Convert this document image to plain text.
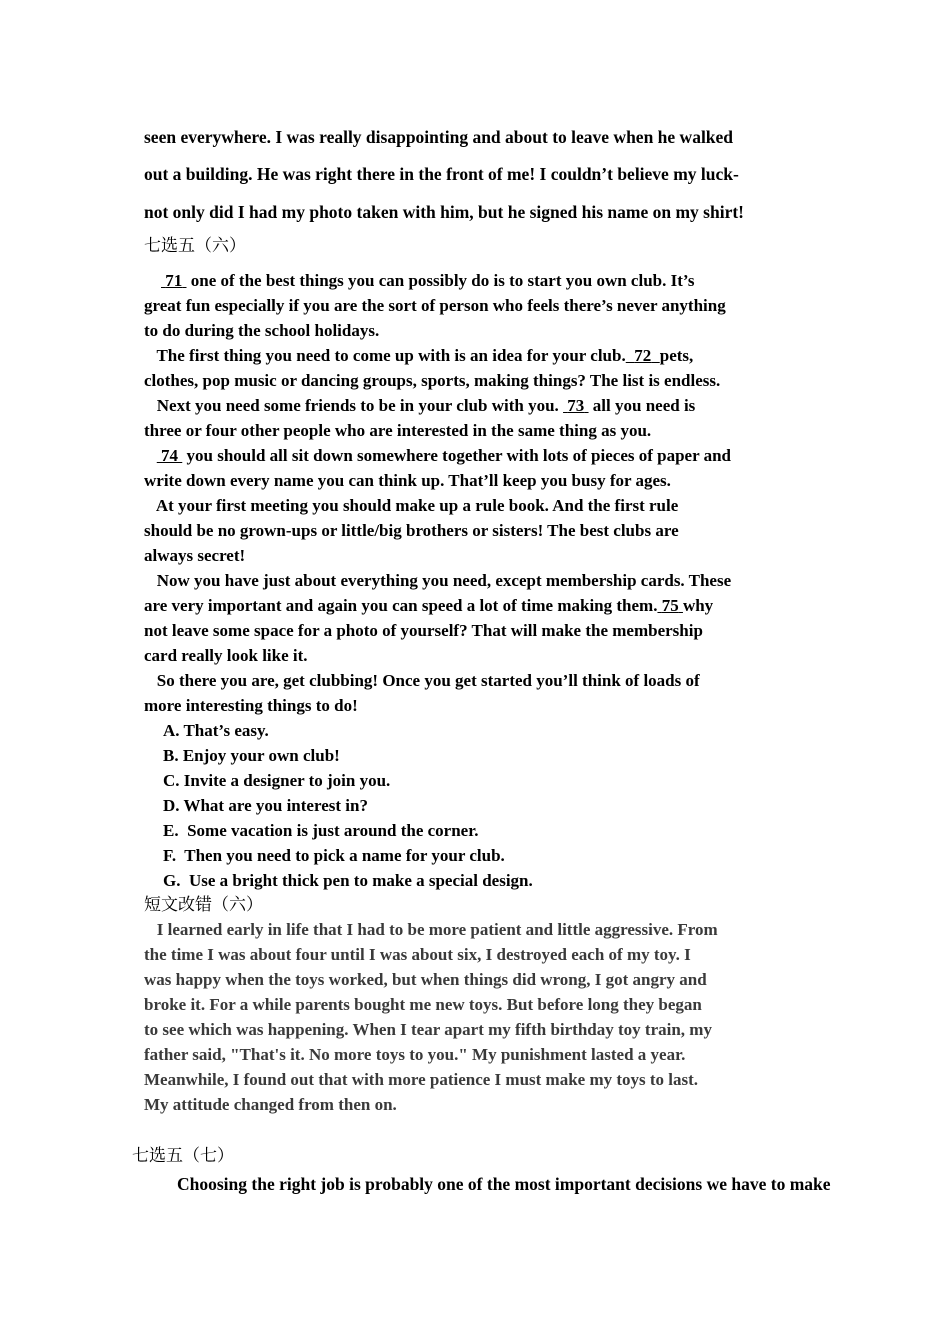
seen everywhere. I was really disappointing and about to leave when he walked
out a building. He was right there in the front of me! I couldn’t believe my luck-
not only did I had my photo taken with him, but he signed his name on my shirt!
七选五（六）
71  one of the best things you can possibly do is to start you own club. It’s
great fun especially if you are the sort of person who feels there’s never anything
to do during the school holidays.
The first thing you need to come up with is an idea for your club. 72 pets,
clothes, pop music or dancing groups, sports, making things? The list is endless.
Next you need some friends to be in your club with you.  73  all you need is
three or four other people who are interested in the same thing as you.
74  you should all sit down somewhere together with lots of pieces of paper and
write down every name you can think up. That’ll keep you busy for ages.
At your first meeting you should make up a rule book. And the first rule
should be no grown-ups or little/big brothers or sisters! The best clubs are
always secret!
Now you have just about everything you need, except membership cards. These
are very important and again you can speed a lot of time making them. 75 why
not leave some space for a photo of yourself? That will make the membership
card really look like it.
So there you are, get clubbing! Once you get started you’ll think of loads of
more interesting things to do!
A. That’s easy.
B. Enjoy your own club!
C. Invite a designer to join you.
D. What are you interest in?
E.  Some vacation is just around the corner.
F.  Then you need to pick a name for your club.
G.  Use a bright thick pen to make a special design.
短文改错（六）
I learned early in life that I had to be more patient and little aggressive. From
the time I was about four until I was about six, I destroyed each of my toy. I
was happy when the toys worked, but when things did wrong, I got angry and
broke it. For a while parents bought me new toys. But before long they began
to see which was happening. When I tear apart my fifth birthday toy train, my
father said, "That's it. No more toys to you." My punishment lasted a year.
Meanwhile, I found out that with more patience I must make my toys to last.
My attitude changed from then on.
七选五（七）
Choosing the right job is probably one of the most important decisions we have to make
